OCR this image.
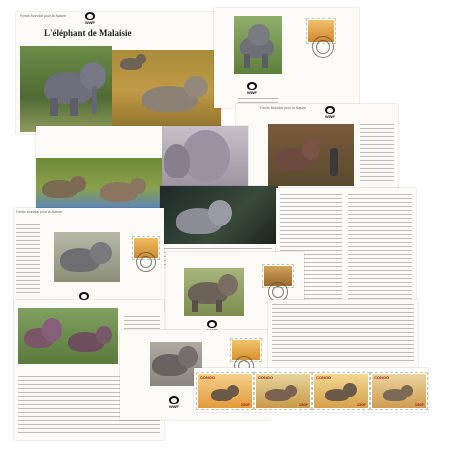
Fonds Mondial pour la Nature
WWF
L'éléphant de Malaisie
WWF
Fonds Mondial pour la Nature
WWF
Fonds Mondial pour la Nature
WWF
CONGO
150F
CONGO
150F
CONGO
150F
CONGO
150F
